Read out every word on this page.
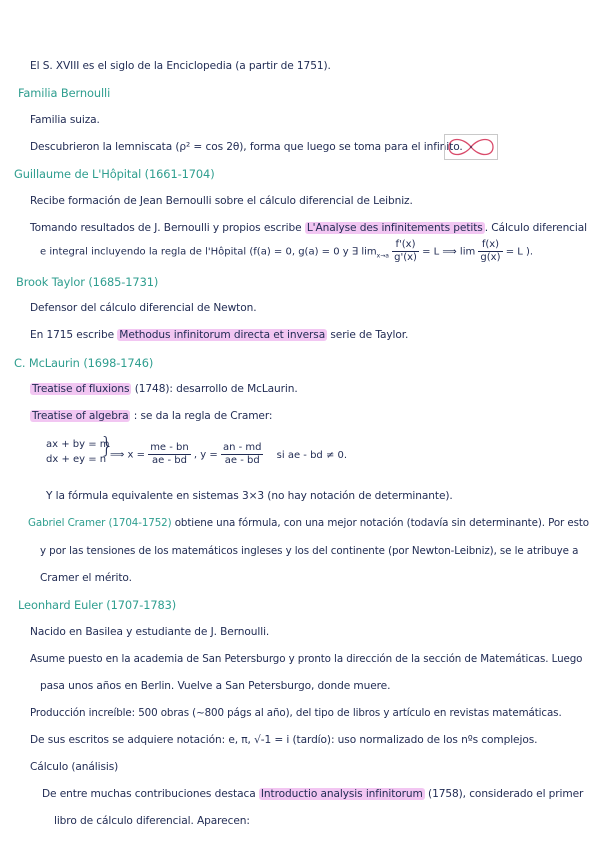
El S. XVIII es el siglo de la Enciclopedia (a partir de 1751).
Familia Bernoulli
Familia suiza.
Descubrieron la lemniscata (ρ² = cos 2θ), forma que luego se toma para el infinito.
Guillaume de L'Hôpital (1661-1704)
Recibe formación de Jean Bernoulli sobre el cálculo diferencial de Leibniz.
Tomando resultados de J. Bernoulli y propios escribe L'Analyse des infinitements petits . Cálculo diferencial
e integral incluyendo la regla de l'Hôpital (f(a) = 0, g(a) = 0 y ∃ $\lim_{x\to a} \frac{f'(x)}{g'(x)} = L$ ⟹ $\lim \frac{f(x)}{g(x)} = L$ ).
Brook Taylor (1685-1731)
Defensor del cálculo diferencial de Newton.
En 1715 escribe Methodus infinitorum directa et inversa serie de Taylor.
C. McLaurin (1698-1746)
Treatise of fluxions (1748): desarrollo de McLaurin.
Treatise of algebra : se da la regla de Cramer:
ax + by = m
dx + ey = n
}
⟹ $x = \frac{me - bn}{ae - bd}$ , $y = \frac{an - md}{ae - bd}$ si ae - bd ≠ 0.
Y la fórmula equivalente en sistemas 3×3 (no hay notación de determinante).
Gabriel Cramer (1704-1752) obtiene una fórmula, con una mejor notación (todavía sin determinante). Por esto
y por las tensiones de los matemáticos ingleses y los del continente (por Newton-Leibniz), se le atribuye a
Cramer el mérito.
Leonhard Euler (1707-1783)
Nacido en Basilea y estudiante de J. Bernoulli.
Asume puesto en la academia de San Petersburgo y pronto la dirección de la sección de Matemáticas. Luego
pasa unos años en Berlin. Vuelve a San Petersburgo, donde muere.
Producción increíble: 500 obras (~800 págs al año), del tipo de libros y artículo en revistas matemáticas.
De sus escritos se adquiere notación: e, π, √-1 = i (tardío): uso normalizado de los nºs complejos.
Cálculo (análisis)
De entre muchas contribuciones destaca Introductio analysis infinitorum (1758), considerado el primer
libro de cálculo diferencial. Aparecen:
